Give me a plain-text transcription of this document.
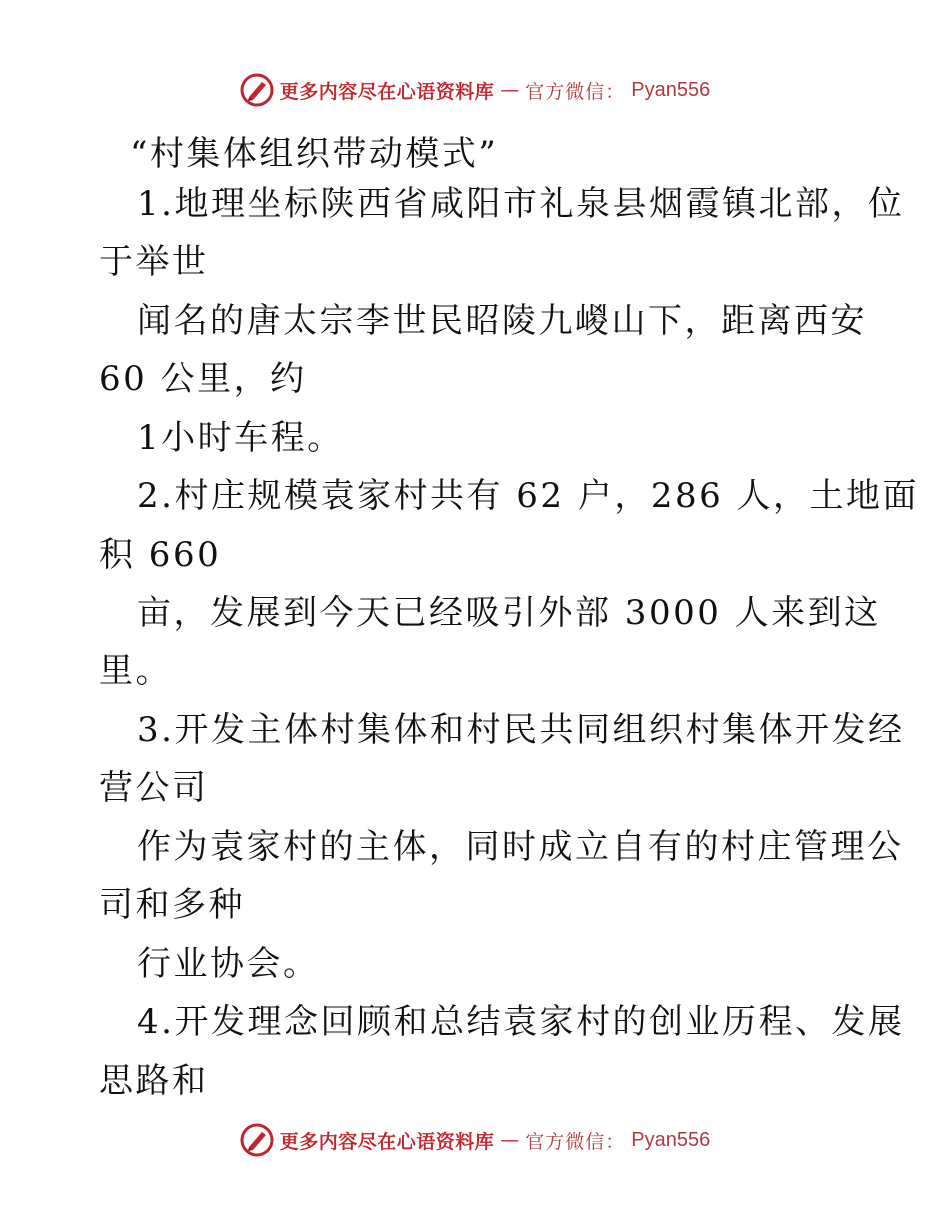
更多内容尽在心语资料库 — 官方微信： Pyan556
“村集体组织带动模式”
1.地理坐标陕西省咸阳市礼泉县烟霞镇北部，位
于举世
闻名的唐太宗李世民昭陵九嵕山下，距离西安
60 公里，约
1小时车程。
2.村庄规模袁家村共有 62 户，286 人，土地面
积 660
亩，发展到今天已经吸引外部 3000 人来到这
里。
3.开发主体村集体和村民共同组织村集体开发经
营公司
作为袁家村的主体，同时成立自有的村庄管理公
司和多种
行业协会。
4.开发理念回顾和总结袁家村的创业历程、发展
思路和
更多内容尽在心语资料库 — 官方微信： Pyan556
